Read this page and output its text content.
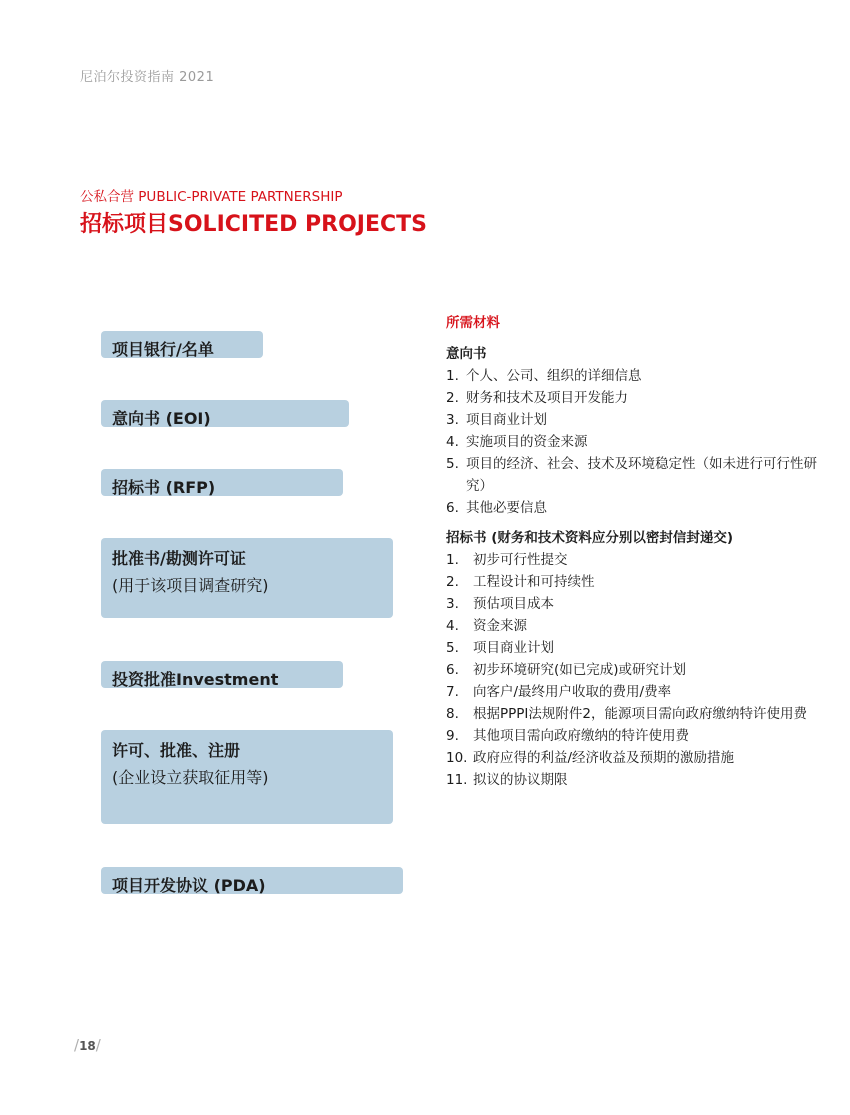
尼泊尔投资指南 2021
公私合营 PUBLIC-PRIVATE PARTNERSHIP
招标项目SOLICITED PROJECTS
项目银行/名单
意向书 (EOI)
招标书 (RFP)
批准书/勘测许可证
(用于该项目调查研究)
投资批准Investment
许可、批准、注册
(企业设立获取征用等)
项目开发协议 (PDA)
所需材料
意向书
1. 个人、公司、组织的详细信息
2. 财务和技术及项目开发能力
3. 项目商业计划
4. 实施项目的资金来源
5. 项目的经济、社会、技术及环境稳定性（如未进行可行性研究）
6. 其他必要信息
招标书 (财务和技术资料应分别以密封信封递交)
1. 初步可行性提交
2. 工程设计和可持续性
3. 预估项目成本
4. 资金来源
5. 项目商业计划
6. 初步环境研究(如已完成)或研究计划
7. 向客户/最终用户收取的费用/费率
8. 根据PPPI法规附件2，能源项目需向政府缴纳特许使用费
9. 其他项目需向政府缴纳的特许使用费
10. 政府应得的利益/经济收益及预期的激励措施
11. 拟议的协议期限
/18/
